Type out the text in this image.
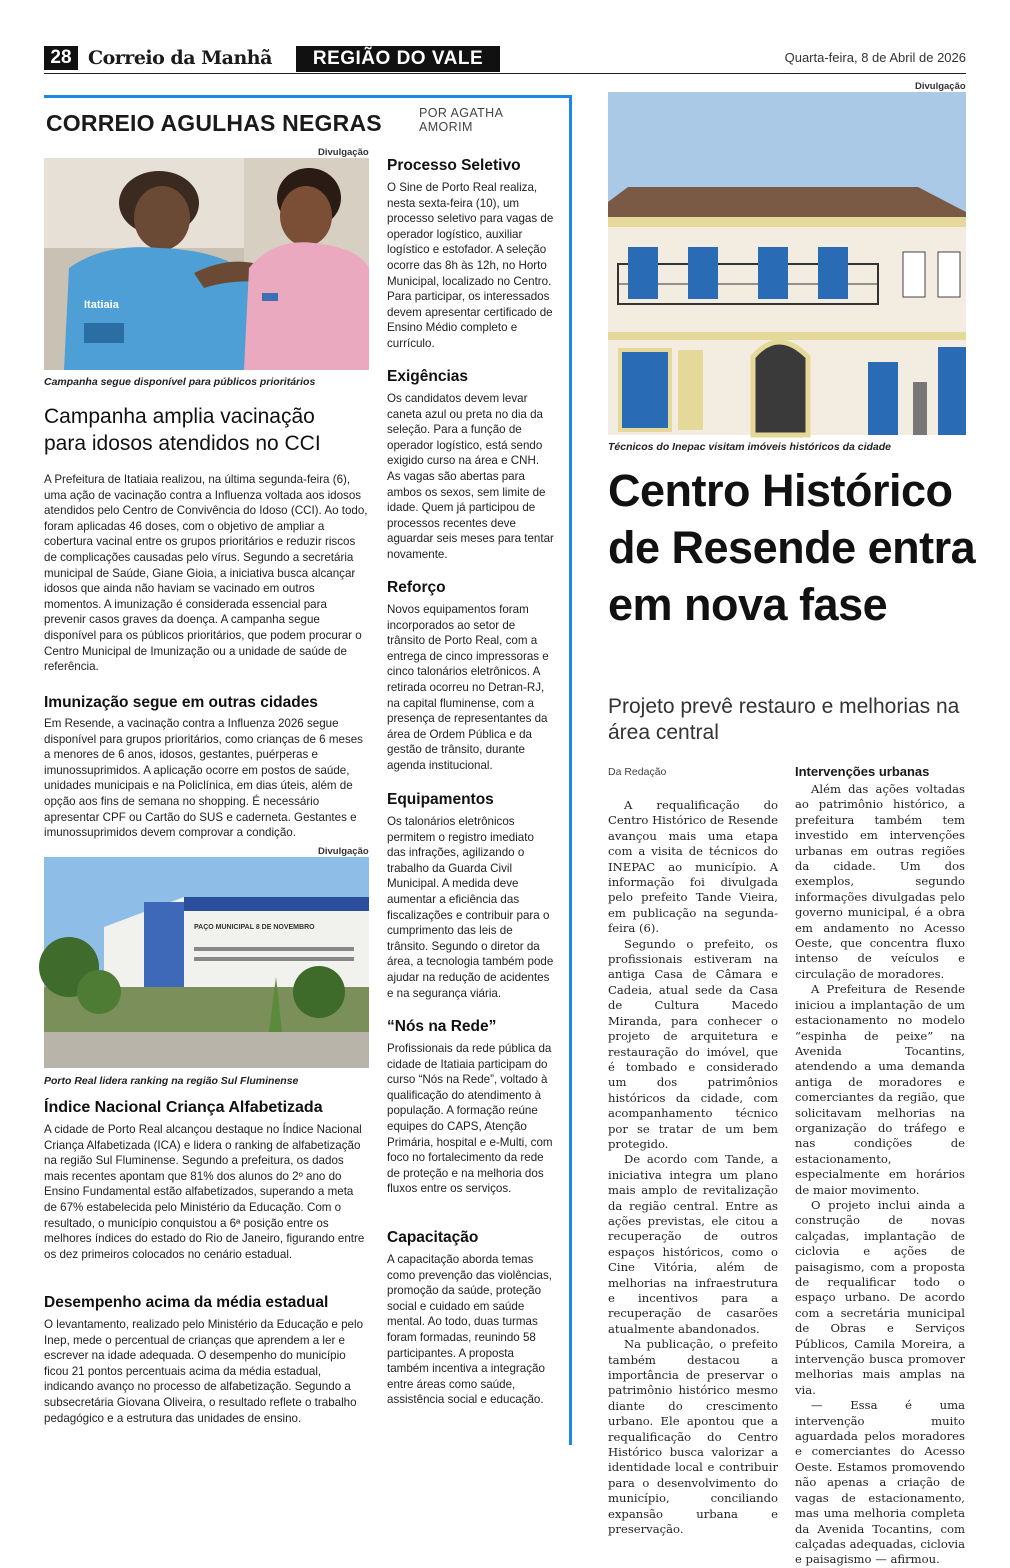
28 Correio da Manhã	REGIÃO DO VALE	Quarta-feira, 8 de Abril de 2026
CORREIO AGULHAS NEGRAS	POR AGATHA
AMORIM
Divulgação
Itatiaia
Campanha segue disponível para públicos prioritários
Campanha amplia vacinação
para idosos atendidos no CCI
A Prefeitura de Itatiaia realizou, na última segunda-feira (6), uma ação de vacinação contra a Influenza voltada aos idosos atendidos pelo Centro de Convivência do Idoso (CCI). Ao todo, foram aplicadas 46 doses, com o objetivo de ampliar a cobertura vacinal entre os grupos prioritários e reduzir riscos de complicações causadas pelo vírus. Segundo a secretária municipal de Saúde, Giane Gioia, a iniciativa busca alcançar idosos que ainda não haviam se vacinado em outros momentos. A imunização é considerada essencial para prevenir casos graves da doença. A campanha segue disponível para os públicos prioritários, que podem procurar o Centro Municipal de Imunização ou a unidade de saúde de referência.
Imunização segue em outras cidades
Em Resende, a vacinação contra a Influenza 2026 segue disponível para grupos prioritários, como crianças de 6 meses a menores de 6 anos, idosos, gestantes, puérperas e imunossuprimidos. A aplicação ocorre em postos de saúde, unidades municipais e na Policlínica, em dias úteis, além de opção aos fins de semana no shopping. É necessário apresentar CPF ou Cartão do SUS e caderneta. Gestantes e imunossuprimidos devem comprovar a condição.
Divulgação
PAÇO MUNICIPAL 8 DE NOVEMBRO
Porto Real lidera ranking na região Sul Fluminense
Índice Nacional Criança Alfabetizada
A cidade de Porto Real alcançou destaque no Índice Nacional Criança Alfabetizada (ICA) e lidera o ranking de alfabetização na região Sul Fluminense. Segundo a prefeitura, os dados mais recentes apontam que 81% dos alunos do 2º ano do Ensino Fundamental estão alfabetizados, superando a meta de 67% estabelecida pelo Ministério da Educação. Com o resultado, o município conquistou a 6ª posição entre os melhores índices do estado do Rio de Janeiro, figurando entre os dez primeiros colocados no cenário estadual.
Desempenho acima da média estadual
O levantamento, realizado pelo Ministério da Educação e pelo Inep, mede o percentual de crianças que aprendem a ler e escrever na idade adequada. O desempenho do município ficou 21 pontos percentuais acima da média estadual, indicando avanço no processo de alfabetização. Segundo a subsecretária Giovana Oliveira, o resultado reflete o trabalho pedagógico e a estrutura das unidades de ensino.
Processo Seletivo
O Sine de Porto Real realiza, nesta sexta-feira (10), um processo seletivo para vagas de operador logístico, auxiliar logístico e estofador. A seleção ocorre das 8h às 12h, no Horto Municipal, localizado no Centro. Para participar, os interessados devem apresentar certificado de Ensino Médio completo e currículo.
Exigências
Os candidatos devem levar caneta azul ou preta no dia da seleção. Para a função de operador logístico, está sendo exigido curso na área e CNH. As vagas são abertas para ambos os sexos, sem limite de idade. Quem já participou de processos recentes deve aguardar seis meses para tentar novamente.
Reforço
Novos equipamentos foram incorporados ao setor de trânsito de Porto Real, com a entrega de cinco impressoras e cinco talonários eletrônicos. A retirada ocorreu no Detran-RJ, na capital fluminense, com a presença de representantes da área de Ordem Pública e da gestão de trânsito, durante agenda institucional.
Equipamentos
Os talonários eletrônicos permitem o registro imediato das infrações, agilizando o trabalho da Guarda Civil Municipal. A medida deve aumentar a eficiência das fiscalizações e contribuir para o cumprimento das leis de trânsito. Segundo o diretor da área, a tecnologia também pode ajudar na redução de acidentes e na segurança viária.
“Nós na Rede”
Profissionais da rede pública da cidade de Itatiaia participam do curso “Nós na Rede”, voltado à qualificação do atendimento à população. A formação reúne equipes do CAPS, Atenção Primária, hospital e e-Multi, com foco no fortalecimento da rede de proteção e na melhoria dos fluxos entre os serviços.
Capacitação
A capacitação aborda temas como prevenção das violências, promoção da saúde, proteção social e cuidado em saúde mental. Ao todo, duas turmas foram formadas, reunindo 58 participantes. A proposta também incentiva a integração entre áreas como saúde, assistência social e educação.
Divulgação
Técnicos do Inepac visitam imóveis históricos da cidade
Centro Histórico de Resende entra em nova fase
Projeto prevê restauro e melhorias na área central
Da Redação

A requalificação do Centro Histórico de Resende avançou mais uma etapa com a visita de técnicos do INEPAC ao município. A informação foi divulgada pelo prefeito Tande Vieira, em publicação na segunda-feira (6).

Segundo o prefeito, os profissionais estiveram na antiga Casa de Câmara e Cadeia, atual sede da Casa de Cultura Macedo Miranda, para conhecer o projeto de arquitetura e restauração do imóvel, que é tombado e considerado um dos patrimônios históricos da cidade, com acompanhamento técnico por se tratar de um bem protegido.

De acordo com Tande, a iniciativa integra um plano mais amplo de revitalização da região central. Entre as ações previstas, ele citou a recuperação de outros espaços históricos, como o Cine Vitória, além de melhorias na infraestrutura e incentivos para a recuperação de casarões atualmente abandonados.

Na publicação, o prefeito também destacou a importância de preservar o patrimônio histórico mesmo diante do crescimento urbano. Ele apontou que a requalificação do Centro Histórico busca valorizar a identidade local e contribuir para o desenvolvimento do município, conciliando expansão urbana e preservação.

Intervenções urbanas

Além das ações voltadas ao patrimônio histórico, a prefeitura também tem investido em intervenções urbanas em outras regiões da cidade. Um dos exemplos, segundo informações divulgadas pelo governo municipal, é a obra em andamento no Acesso Oeste, que concentra fluxo intenso de veículos e circulação de moradores.

A Prefeitura de Resende iniciou a implantação de um estacionamento no modelo “espinha de peixe” na Avenida Tocantins, atendendo a uma demanda antiga de moradores e comerciantes da região, que solicitavam melhorias na organização do tráfego e nas condições de estacionamento, especialmente em horários de maior movimento.

O projeto inclui ainda a construção de novas calçadas, implantação de ciclovia e ações de paisagismo, com a proposta de requalificar todo o espaço urbano. De acordo com a secretária municipal de Obras e Serviços Públicos, Camila Moreira, a intervenção busca promover melhorias mais amplas na via.

— Essa é uma intervenção muito aguardada pelos moradores e comerciantes do Acesso Oeste. Estamos promovendo não apenas a criação de vagas de estacionamento, mas uma melhoria completa da Avenida Tocantins, com calçadas adequadas, ciclovia e paisagismo — afirmou.
